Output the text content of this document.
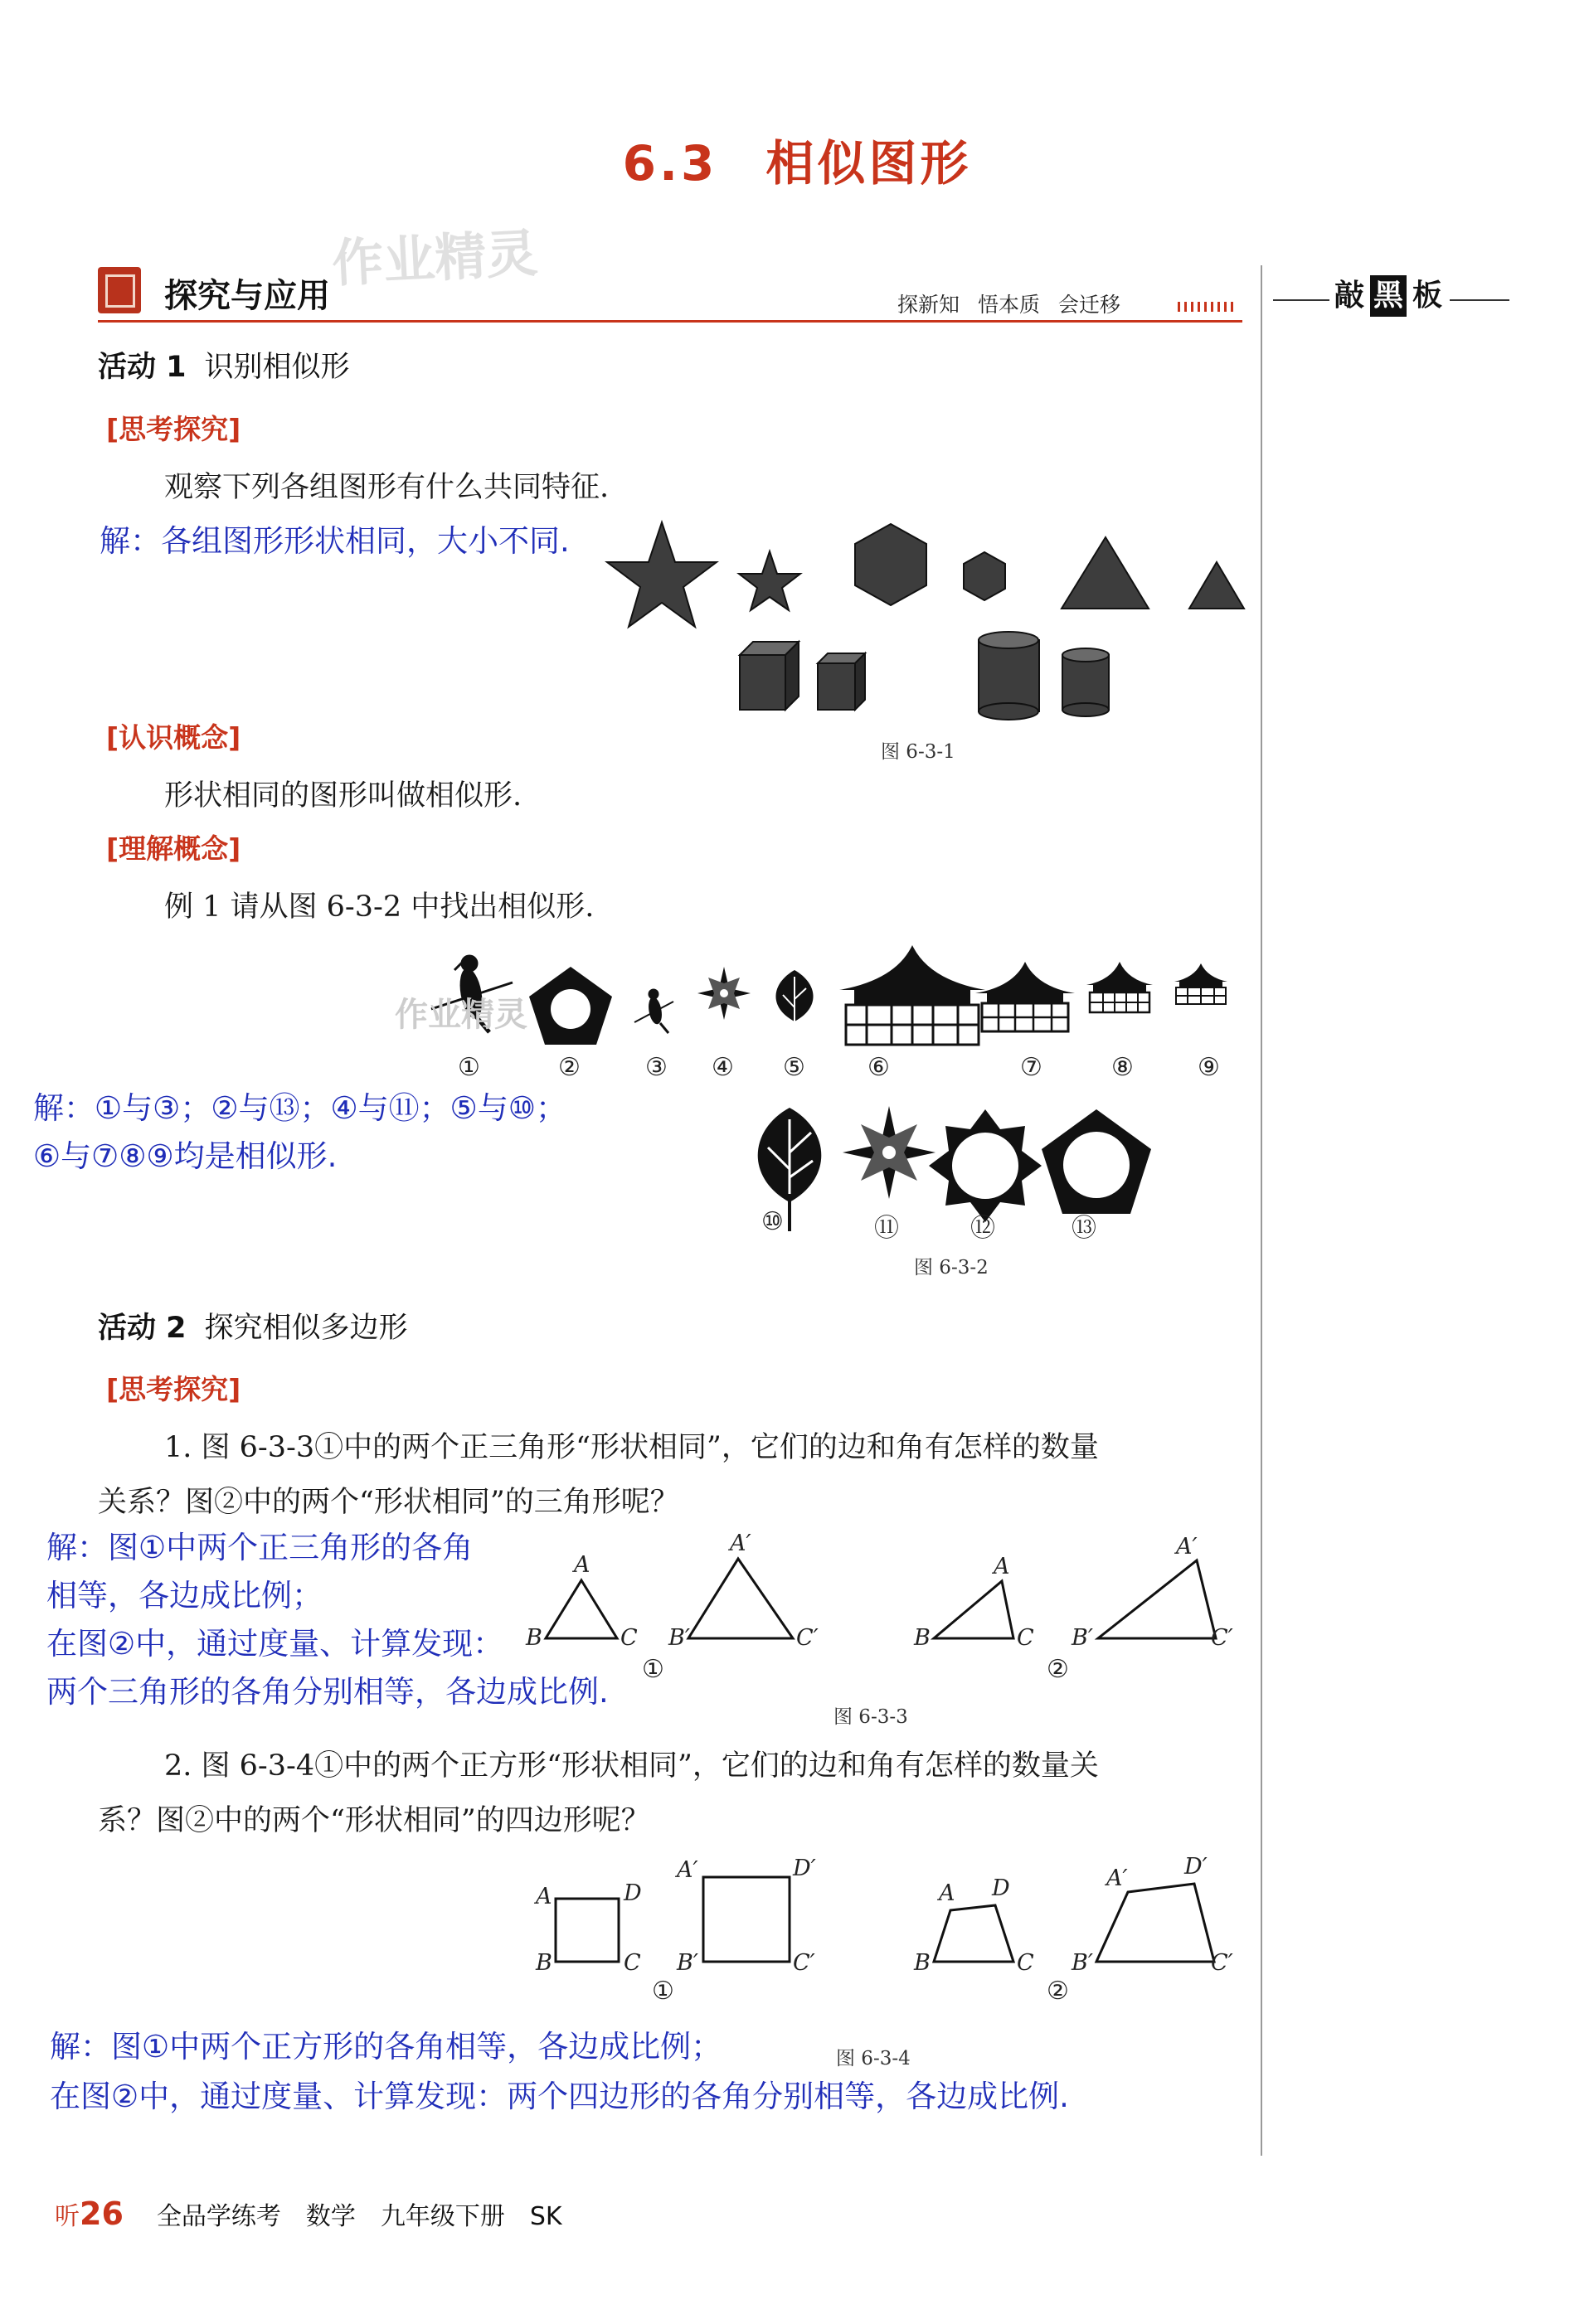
6.3 相似图形
作业精灵
探究与应用	探新知 悟本质 会迁移	敲 黑 板
活动 1 识别相似形
[思考探究]
观察下列各组图形有什么共同特征.
解：各组图形形状相同，大小不同.
图 6-3-1
[认识概念]
形状相同的图形叫做相似形.
[理解概念]
例 1 请从图 6-3-2 中找出相似形.
作业精灵
①	②	③ ④ ⑤	⑥	⑦	⑧	⑨
⑩	⑪	⑫	⑬
解：①与③；②与⑬；④与⑪；⑤与⑩；
⑥与⑦⑧⑨均是相似形.
图 6-3-2
活动 2 探究相似多边形
[思考探究]
1. 图 6-3-3①中的两个正三角形“形状相同”，它们的边和角有怎样的数量
关系？图②中的两个“形状相同”的三角形呢？
解：图①中两个正三角形的各角
相等，各边成比例；
在图②中，通过度量、计算发现：
两个三角形的各角分别相等，各边成比例.
A
B	C
A′
B′	C′
A
B	C
A′
B′	C′
①	②
图 6-3-3
2. 图 6-3-4①中的两个正方形“形状相同”，它们的边和角有怎样的数量关
系？图②中的两个“形状相同”的四边形呢？
A	D
B	C
A′	D′
B′	C′
A D
B	C
A′	D′
B′	C′
①	②
图 6-3-4
解：图①中两个正方形的各角相等，各边成比例；
在图②中，通过度量、计算发现：两个四边形的各角分别相等，各边成比例.
听26 全品学练考 数学 九年级下册 SK
